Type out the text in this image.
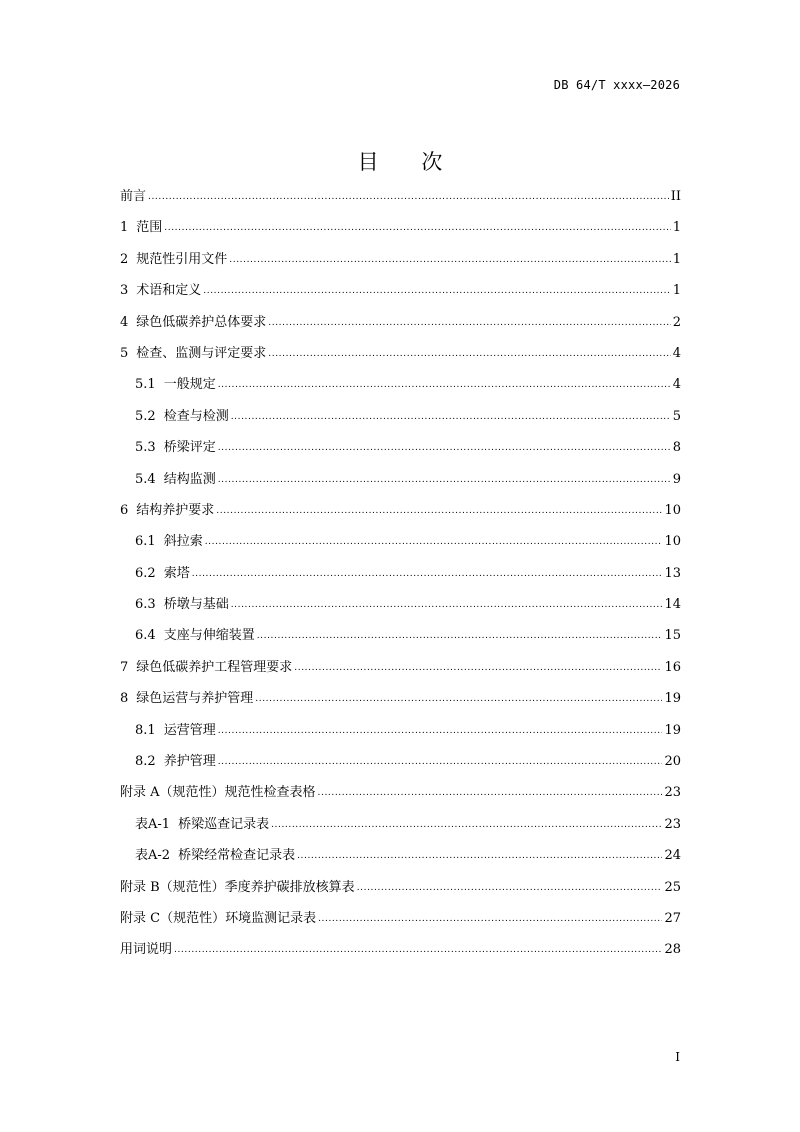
DB 64/T xxxx—2026
目 次
前言 .....	II
1 范围 .....	1
2 规范性引用文件 .....	1
3 术语和定义 .....	1
4 绿色低碳养护总体要求 .....	2
5 检查、监测与评定要求 .....	4
5.1 一般规定 .....	4
5.2 检查与检测 .....	5
5.3 桥梁评定 .....	8
5.4 结构监测 .....	9
6 结构养护要求 .....	10
6.1 斜拉索 .....	10
6.2 索塔 .....	13
6.3 桥墩与基础 .....	14
6.4 支座与伸缩装置 .....	15
7 绿色低碳养护工程管理要求 .....	16
8 绿色运营与养护管理 .....	19
8.1 运营管理 .....	19
8.2 养护管理 .....	20
附录 A（规范性）规范性检查表格 .....	23
表A-1 桥梁巡查记录表 .....	23
表A-2 桥梁经常检查记录表 .....	24
附录 B（规范性）季度养护碳排放核算表 .....	25
附录 C（规范性）环境监测记录表 .....	27
用词说明 .....	28
I
